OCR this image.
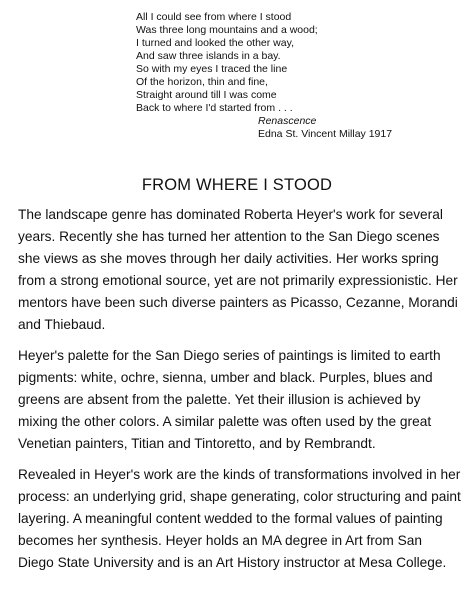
All I could see from where I stood
Was three long mountains and a wood;
I turned and looked the other way,
And saw three islands in a bay.
So with my eyes I traced the line
Of the horizon, thin and fine,
Straight around till I was come
Back to where I'd started from . . .
Renascence
Edna St. Vincent Millay 1917
FROM WHERE I STOOD
The landscape genre has dominated Roberta Heyer's work for several
years. Recently she has turned her attention to the San Diego scenes
she views as she moves through her daily activities. Her works spring
from a strong emotional source, yet are not primarily expressionistic. Her
mentors have been such diverse painters as Picasso, Cezanne, Morandi
and Thiebaud.
Heyer's palette for the San Diego series of paintings is limited to earth
pigments: white, ochre, sienna, umber and black. Purples, blues and
greens are absent from the palette. Yet their illusion is achieved by
mixing the other colors. A similar palette was often used by the great
Venetian painters, Titian and Tintoretto, and by Rembrandt.
Revealed in Heyer's work are the kinds of transformations involved in her
process: an underlying grid, shape generating, color structuring and paint
layering. A meaningful content wedded to the formal values of painting
becomes her synthesis. Heyer holds an MA degree in Art from San
Diego State University and is an Art History instructor at Mesa College.
